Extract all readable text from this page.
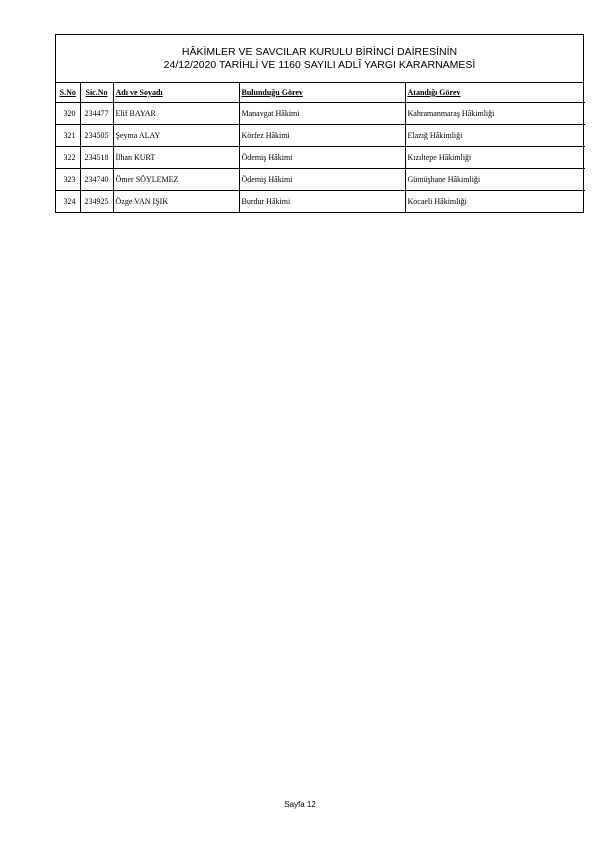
HÂKİMLER VE SAVCILAR KURULU BİRİNCİ DAİRESİNİN
24/12/2020 TARİHLİ VE 1160 SAYILI ADLÎ YARGI KARARNAMESİ
S.No	Sic.No	Adı ve Soyadı	Bulunduğu Görev	Atandığı Görev
320	234477	Elif BAYAR	Manavgat Hâkimi	Kahramanmaraş Hâkimliği
321	234505	Şeyma ALAY	Körfez Hâkimi	Elazığ Hâkimliği
322	234518	İlhan KURT	Ödemiş Hâkimi	Kızıltepe Hâkimliği
323	234740	Ömer SÖYLEMEZ	Ödemiş Hâkimi	Gümüşhane Hâkimliği
324	234925	Özge VAN IŞIK	Burdur Hâkimi	Kocaeli Hâkimliği
Sayfa 12
